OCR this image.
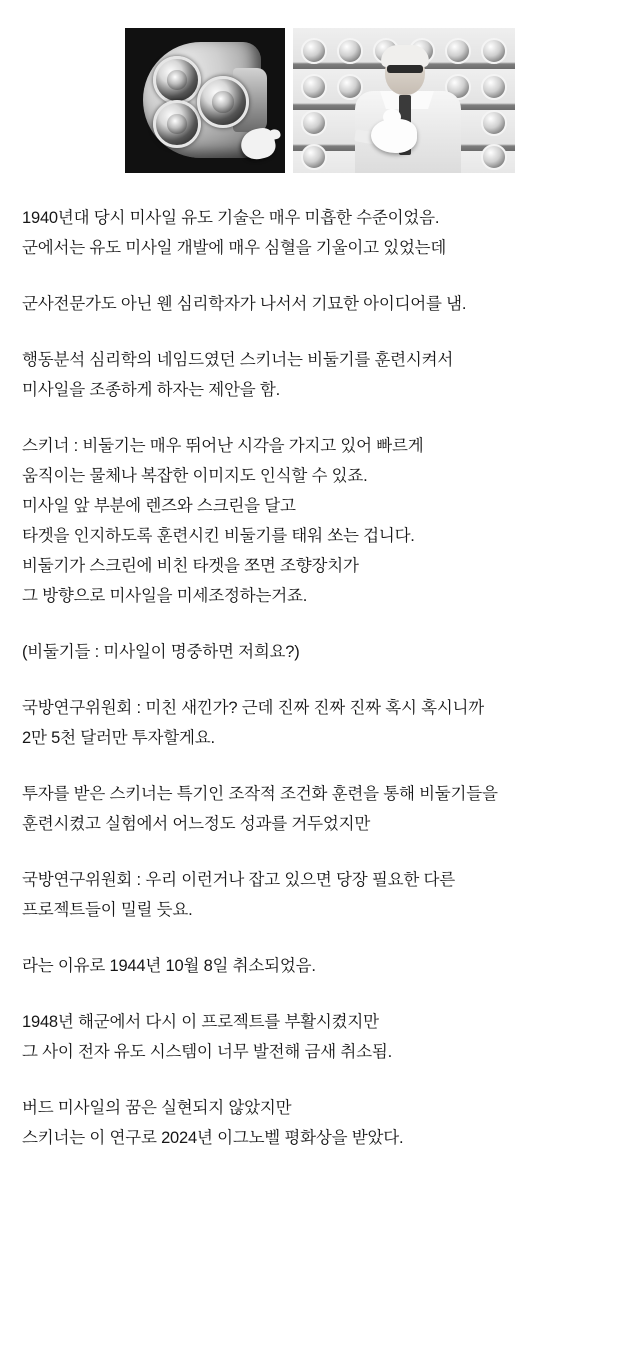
1940년대 당시 미사일 유도 기술은 매우 미흡한 수준이었음.
군에서는 유도 미사일 개발에 매우 심혈을 기울이고 있었는데
군사전문가도 아닌 웬 심리학자가 나서서 기묘한 아이디어를 냄.
행동분석 심리학의 네임드였던 스키너는 비둘기를 훈련시켜서
미사일을 조종하게 하자는 제안을 함.
스키너 : 비둘기는 매우 뛰어난 시각을 가지고 있어 빠르게
움직이는 물체나 복잡한 이미지도 인식할 수 있죠.
미사일 앞 부분에 렌즈와 스크린을 달고
타겟을 인지하도록 훈련시킨 비둘기를 태워 쏘는 겁니다.
비둘기가 스크린에 비친 타겟을 쪼면 조향장치가
그 방향으로 미사일을 미세조정하는거죠.
(비둘기들 : 미사일이 명중하면 저희요?)
국방연구위원회 : 미친 새낀가? 근데 진짜 진짜 진짜 혹시 혹시니까
2만 5천 달러만 투자할게요.
투자를 받은 스키너는 특기인 조작적 조건화 훈련을 통해 비둘기들을
훈련시켰고 실험에서 어느정도 성과를 거두었지만
국방연구위원회 : 우리 이런거나 잡고 있으면 당장 필요한 다른
프로젝트들이 밀릴 듯요.
라는 이유로 1944년 10월 8일 취소되었음.
1948년 해군에서 다시 이 프로젝트를 부활시켰지만
그 사이 전자 유도 시스템이 너무 발전해 금새 취소됨.
버드 미사일의 꿈은 실현되지 않았지만
스키너는 이 연구로 2024년 이그노벨 평화상을 받았다.
